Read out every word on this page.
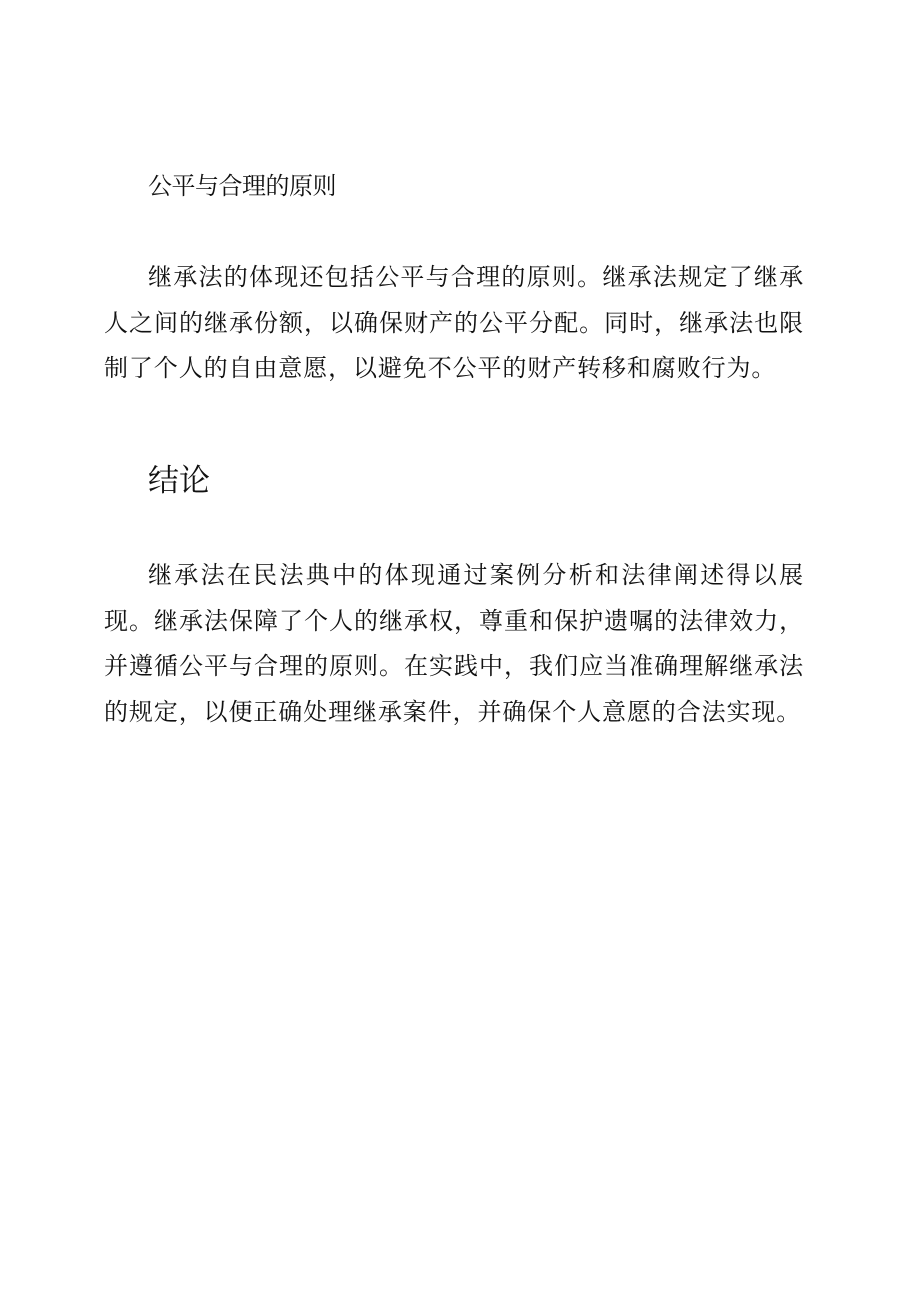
公平与合理的原则

继承法的体现还包括公平与合理的原则。继承法规定了继承人之间的继承份额，以确保财产的公平分配。同时，继承法也限制了个人的自由意愿，以避免不公平的财产转移和腐败行为。

结论

继承法在民法典中的体现通过案例分析和法律阐述得以展现。继承法保障了个人的继承权，尊重和保护遗嘱的法律效力，并遵循公平与合理的原则。在实践中，我们应当准确理解继承法的规定，以便正确处理继承案件，并确保个人意愿的合法实现。
